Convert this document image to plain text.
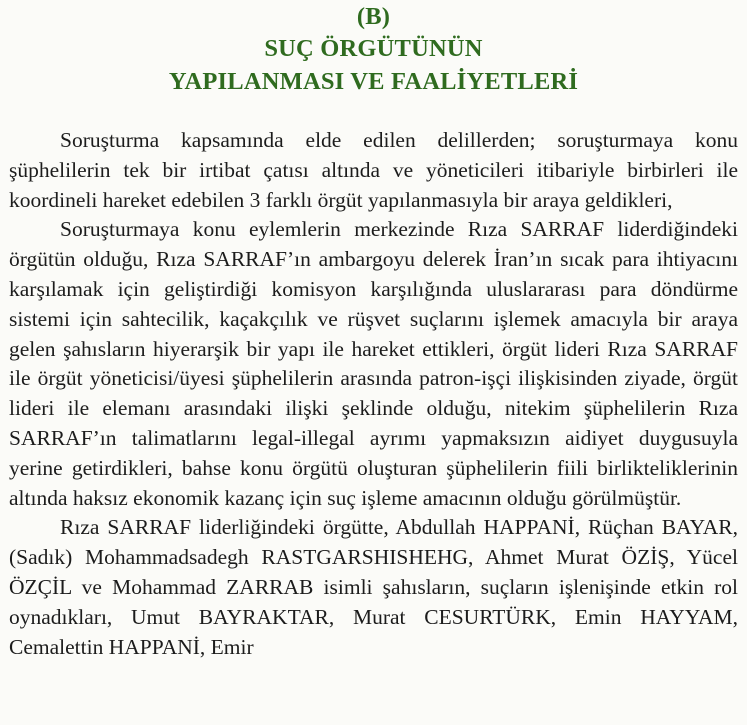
(B)
SUÇ ÖRGÜTÜNÜN
YAPILANMASI VE FAALİYETLERİ

Soruşturma kapsamında elde edilen delillerden; soruşturmaya konu şüphelilerin tek bir irtibat çatısı altında ve yöneticileri itibariyle birbirleri ile koordineli hareket edebilen 3 farklı örgüt yapılanmasıyla bir araya geldikleri,

Soruşturmaya konu eylemlerin merkezinde Rıza SARRAF liderdiğindeki örgütün olduğu, Rıza SARRAF’ın ambargoyu delerek İran’ın sıcak para ihtiyacını karşılamak için geliştirdiği komisyon karşılığında uluslararası para döndürme sistemi için sahtecilik, kaçakçılık ve rüşvet suçlarını işlemek amacıyla bir araya gelen şahısların hiyerarşik bir yapı ile hareket ettikleri, örgüt lideri Rıza SARRAF ile örgüt yöneticisi/üyesi şüphelilerin arasında patron-işçi ilişkisinden ziyade, örgüt lideri ile elemanı arasındaki ilişki şeklinde olduğu, nitekim şüphelilerin Rıza SARRAF’ın talimatlarını legal-illegal ayrımı yapmaksızın aidiyet duygusuyla yerine getirdikleri, bahse konu örgütü oluşturan şüphelilerin fiili birlikteliklerinin altında haksız ekonomik kazanç için suç işleme amacının olduğu görülmüştür.

Rıza SARRAF liderliğindeki örgütte, Abdullah HAPPANİ, Rüçhan BAYAR, (Sadık) Mohammadsadegh RASTGARSHISHEHG, Ahmet Murat ÖZİŞ, Yücel ÖZÇİL ve Mohammad ZARRAB isimli şahısların, suçların işlenişinde etkin rol oynadıkları, Umut BAYRAKTAR, Murat CESURTÜRK, Emin HAYYAM, Cemalettin HAPPANİ, Emir
